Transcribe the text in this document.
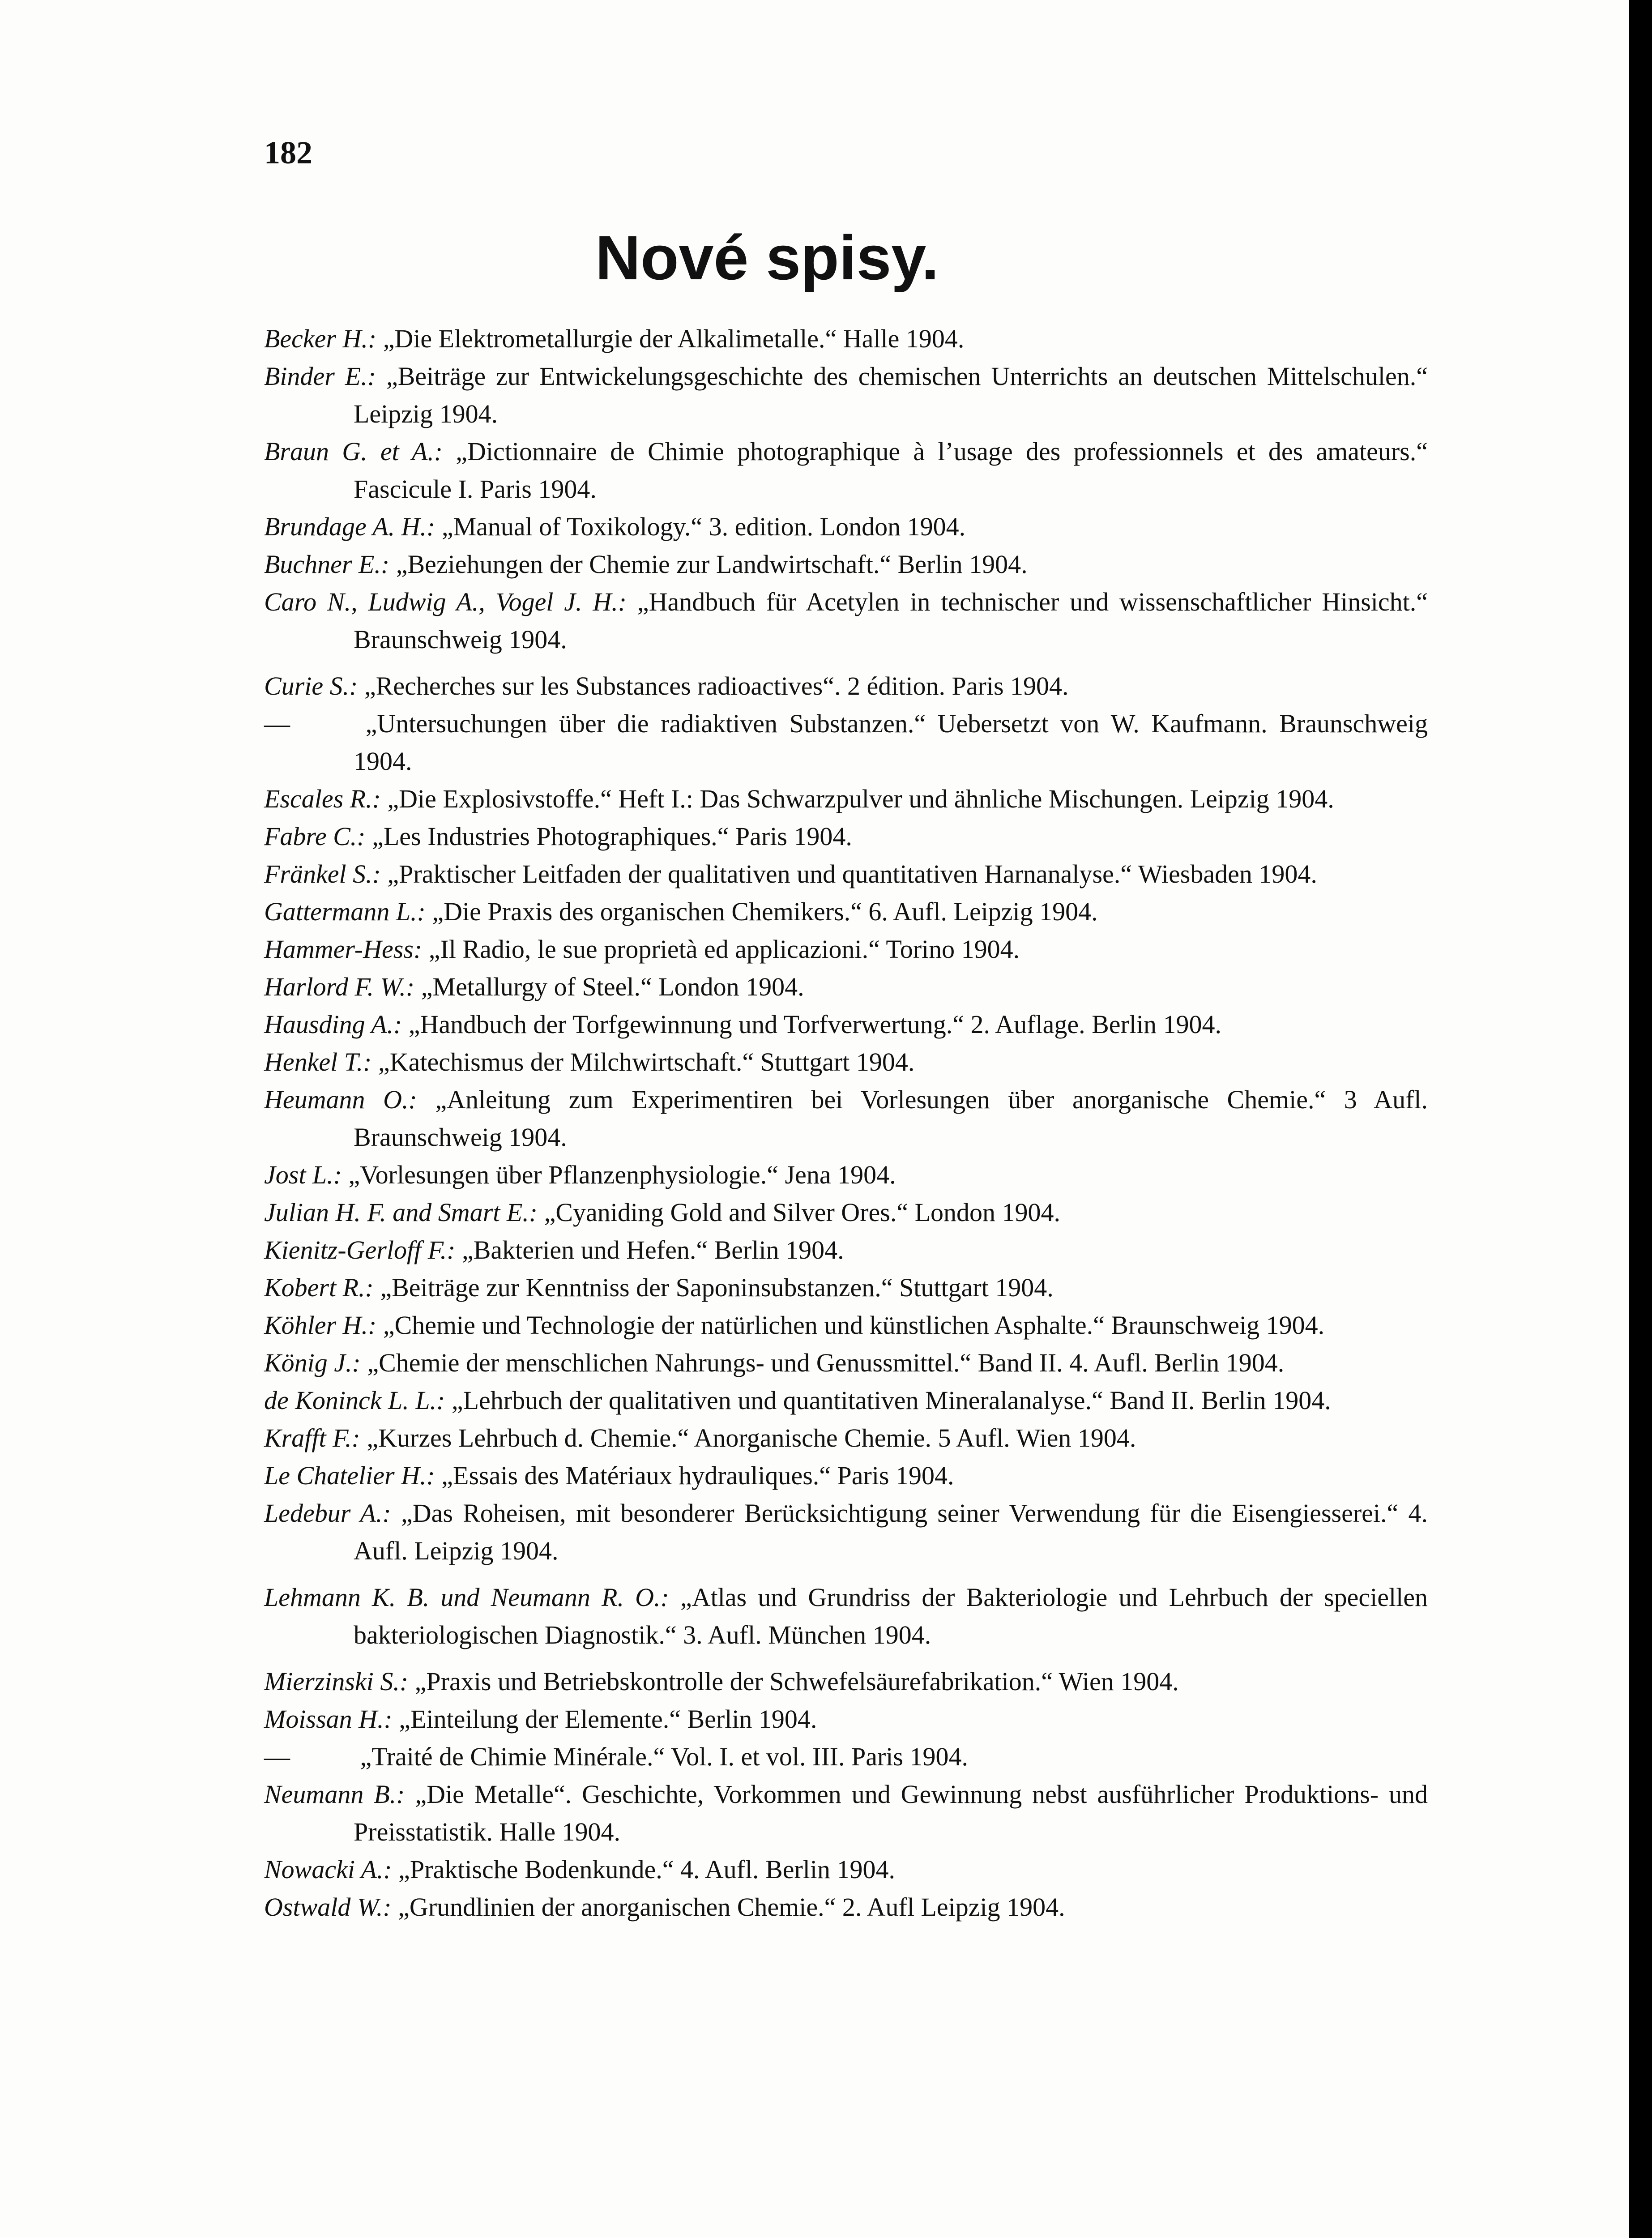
182

Nové spisy.
Becker H.: „Die Elektrometallurgie der Alkalimetalle.“ Halle 1904.
Binder E.: „Beiträge zur Entwickelungsgeschichte des chemischen Unterrichts an deutschen Mittelschulen.“ Leipzig 1904.
Braun G. et A.: „Dictionnaire de Chimie photographique à l’usage des professionnels et des amateurs.“ Fascicule I. Paris 1904.
Brundage A. H.: „Manual of Toxikology.“ 3. edition. London 1904.
Buchner E.: „Beziehungen der Chemie zur Landwirtschaft.“ Berlin 1904.
Caro N., Ludwig A., Vogel J. H.: „Handbuch für Acetylen in technischer und wissenschaftlicher Hinsicht.“ Braunschweig 1904.
Curie S.: „Recherches sur les Substances radioactives“. 2 édition. Paris 1904.
— „Untersuchungen über die radiaktiven Substanzen.“ Uebersetzt von W. Kaufmann. Braunschweig 1904.
Escales R.: „Die Explosivstoffe.“ Heft I.: Das Schwarzpulver und ähnliche Mischungen. Leipzig 1904.
Fabre C.: „Les Industries Photographiques.“ Paris 1904.
Fränkel S.: „Praktischer Leitfaden der qualitativen und quantitativen Harnanalyse.“ Wiesbaden 1904.
Gattermann L.: „Die Praxis des organischen Chemikers.“ 6. Aufl. Leipzig 1904.
Hammer-Hess: „Il Radio, le sue proprietà ed applicazioni.“ Torino 1904.
Harlord F. W.: „Metallurgy of Steel.“ London 1904.
Hausding A.: „Handbuch der Torfgewinnung und Torfverwertung.“ 2. Auflage. Berlin 1904.
Henkel T.: „Katechismus der Milchwirtschaft.“ Stuttgart 1904.
Heumann O.: „Anleitung zum Experimentiren bei Vorlesungen über anorganische Chemie.“ 3 Aufl. Braunschweig 1904.
Jost L.: „Vorlesungen über Pflanzenphysiologie.“ Jena 1904.
Julian H. F. and Smart E.: „Cyaniding Gold and Silver Ores.“ London 1904.
Kienitz-Gerloff F.: „Bakterien und Hefen.“ Berlin 1904.
Kobert R.: „Beiträge zur Kenntniss der Saponinsubstanzen.“ Stuttgart 1904.
Köhler H.: „Chemie und Technologie der natürlichen und künstlichen Asphalte.“ Braunschweig 1904.
König J.: „Chemie der menschlichen Nahrungs- und Genussmittel.“ Band II. 4. Aufl. Berlin 1904.
de Koninck L. L.: „Lehrbuch der qualitativen und quantitativen Mineralanalyse.“ Band II. Berlin 1904.
Krafft F.: „Kurzes Lehrbuch d. Chemie.“ Anorganische Chemie. 5 Aufl. Wien 1904.
Le Chatelier H.: „Essais des Matériaux hydrauliques.“ Paris 1904.
Ledebur A.: „Das Roheisen, mit besonderer Berücksichtigung seiner Verwendung für die Eisengiesserei.“ 4. Aufl. Leipzig 1904.
Lehmann K. B. und Neumann R. O.: „Atlas und Grundriss der Bakteriologie und Lehrbuch der speciellen bakteriologischen Diagnostik.“ 3. Aufl. München 1904.
Mierzinski S.: „Praxis und Betriebskontrolle der Schwefelsäurefabrikation.“ Wien 1904.
Moissan H.: „Einteilung der Elemente.“ Berlin 1904.
— „Traité de Chimie Minérale.“ Vol. I. et vol. III. Paris 1904.
Neumann B.: „Die Metalle“. Geschichte, Vorkommen und Gewinnung nebst ausführlicher Produktions- und Preisstatistik. Halle 1904.
Nowacki A.: „Praktische Bodenkunde.“ 4. Aufl. Berlin 1904.
Ostwald W.: „Grundlinien der anorganischen Chemie.“ 2. Aufl Leipzig 1904.
